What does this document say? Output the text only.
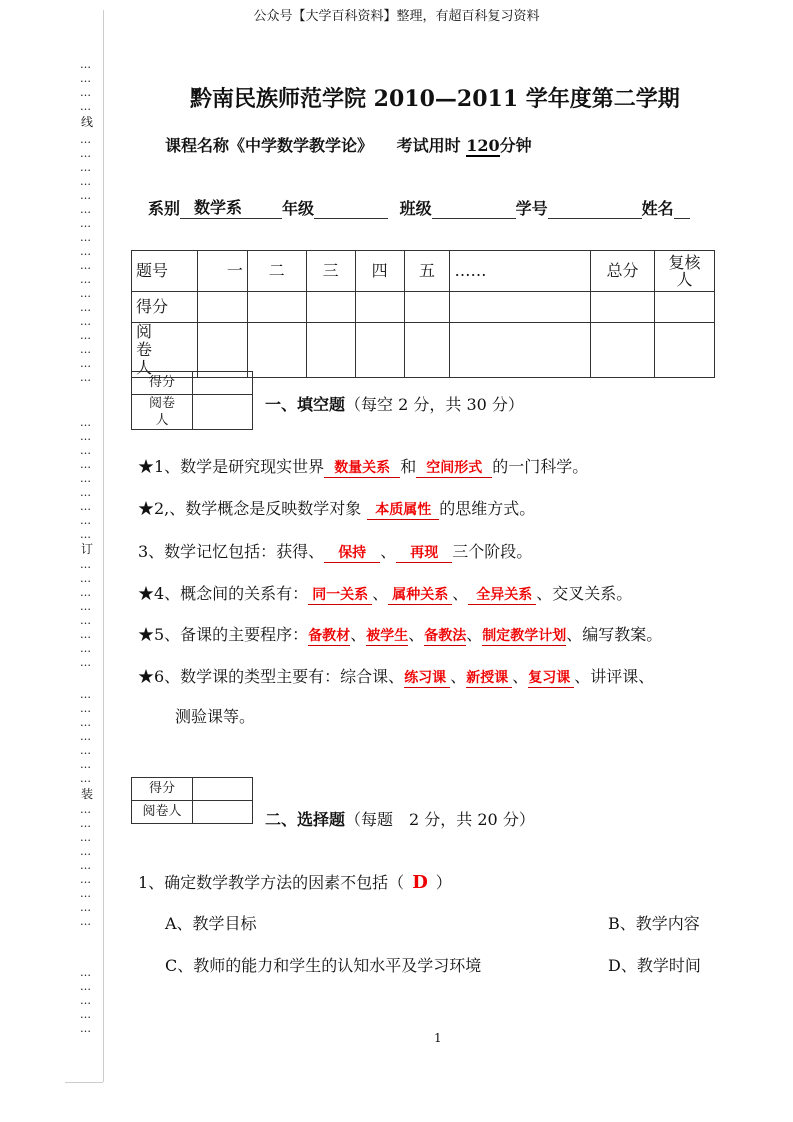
公众号【大学百科资料】整理，有超百科复习资料
线
订
装
…
…
…
…
…
…
…
…
…
…
…
…
…
…
…
…
…
…
…
…
…
…
…
…
…
…
…
…
…
…
…
…
…
…
…
…
…
…
…
…
…
…
…
…
…
…
…
…
…
…
…
…
…
…
…
…
…
…
…
…
黔南民族师范学院 2010—2011 学年度第二学期
课程名称《中学数学教学论》 考试用时 120分钟
系别 数学系 年级	班级	学号	姓名
题号	一	二	三	四	五	……	总分	复核人
得分								
阅卷人								
得分	
阅卷人	
一、填空题（每空 2 分，共 30 分）
★1、数学是研究现实世界 数量关系 和 空间形式 的一门科学。
★2,、数学概念是反映数学对象 本质属性 的思维方式。
3、数学记忆包括：获得、 保持 、 再现 三个阶段。
★4、概念间的关系有： 同一关系 、 属种关系 、 全异关系 、交叉关系。
★5、备课的主要程序：备教材、被学生、备教法、制定教学计划、编写教案。
★6、数学课的类型主要有：综合课、练习课 、新授课 、复习课 、讲评课、
测验课等。
得分	
阅卷人		二、选择题（每题　2 分，共 20 分）
1、确定数学教学方法的因素不包括（ D ）
A、教学目标	B、教学内容
C、教师的能力和学生的认知水平及学习环境	D、教学时间
1
